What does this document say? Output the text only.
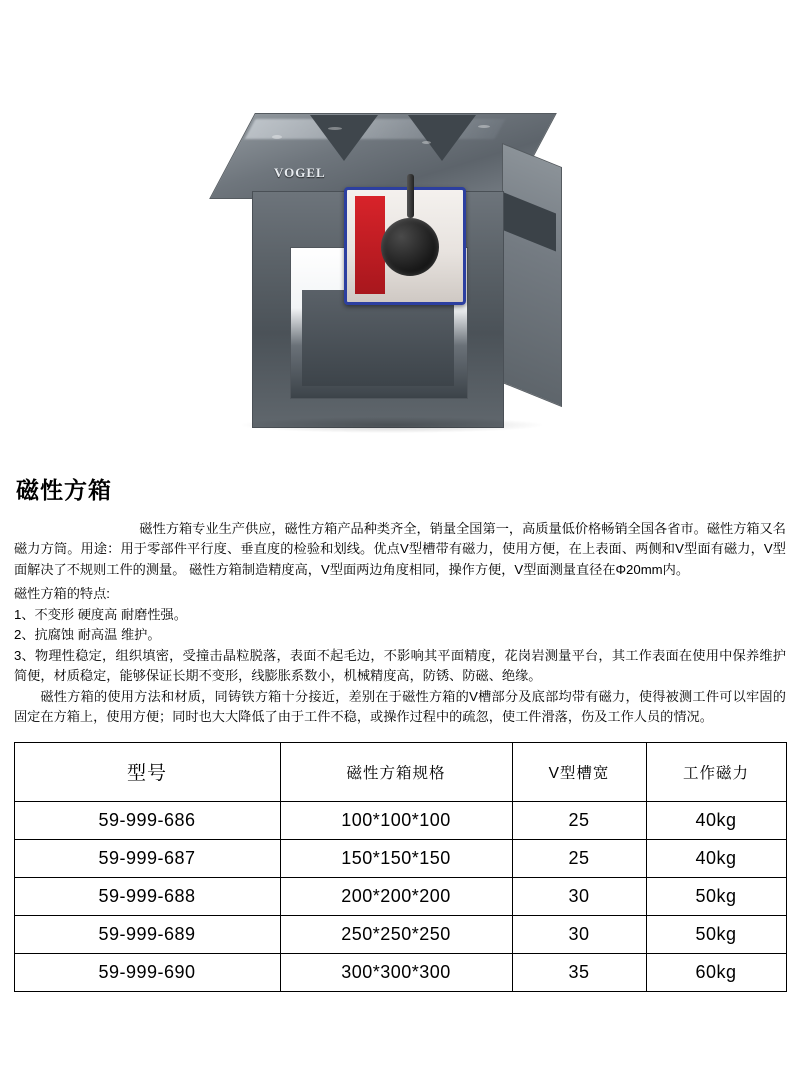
VOGEL
磁性方箱

磁性方箱专业生产供应，磁性方箱产品种类齐全，销量全国第一，高质量低价格畅销全国各省市。磁性方箱又名磁力方筒。用途：用于零部件平行度、垂直度的检验和划线。优点V型槽带有磁力，使用方便，在上表面、两侧和V型面有磁力，V型面解决了不规则工件的测量。 磁性方箱制造精度高，V型面两边角度相同，操作方便，V型面测量直径在Φ20mm内。

磁性方箱的特点:

1、不变形 硬度高 耐磨性强。
2、抗腐蚀 耐高温 维护。
3、物理性稳定，组织填密，受撞击晶粒脱落，表面不起毛边，不影响其平面精度，花岗岩测量平台，其工作表面在使用中保养维护简便，材质稳定，能够保证长期不变形，线膨胀系数小，机械精度高，防锈、防磁、绝缘。

磁性方箱的使用方法和材质，同铸铁方箱十分接近，差别在于磁性方箱的V槽部分及底部均带有磁力，使得被测工件可以牢固的固定在方箱上，使用方便；同时也大大降低了由于工件不稳，或操作过程中的疏忽，使工件滑落，伤及工作人员的情况。

型号	磁性方箱规格	V型槽宽	工作磁力
59-999-686	100*100*100	25	40kg
59-999-687	150*150*150	25	40kg
59-999-688	200*200*200	30	50kg
59-999-689	250*250*250	30	50kg
59-999-690	300*300*300	35	60kg
